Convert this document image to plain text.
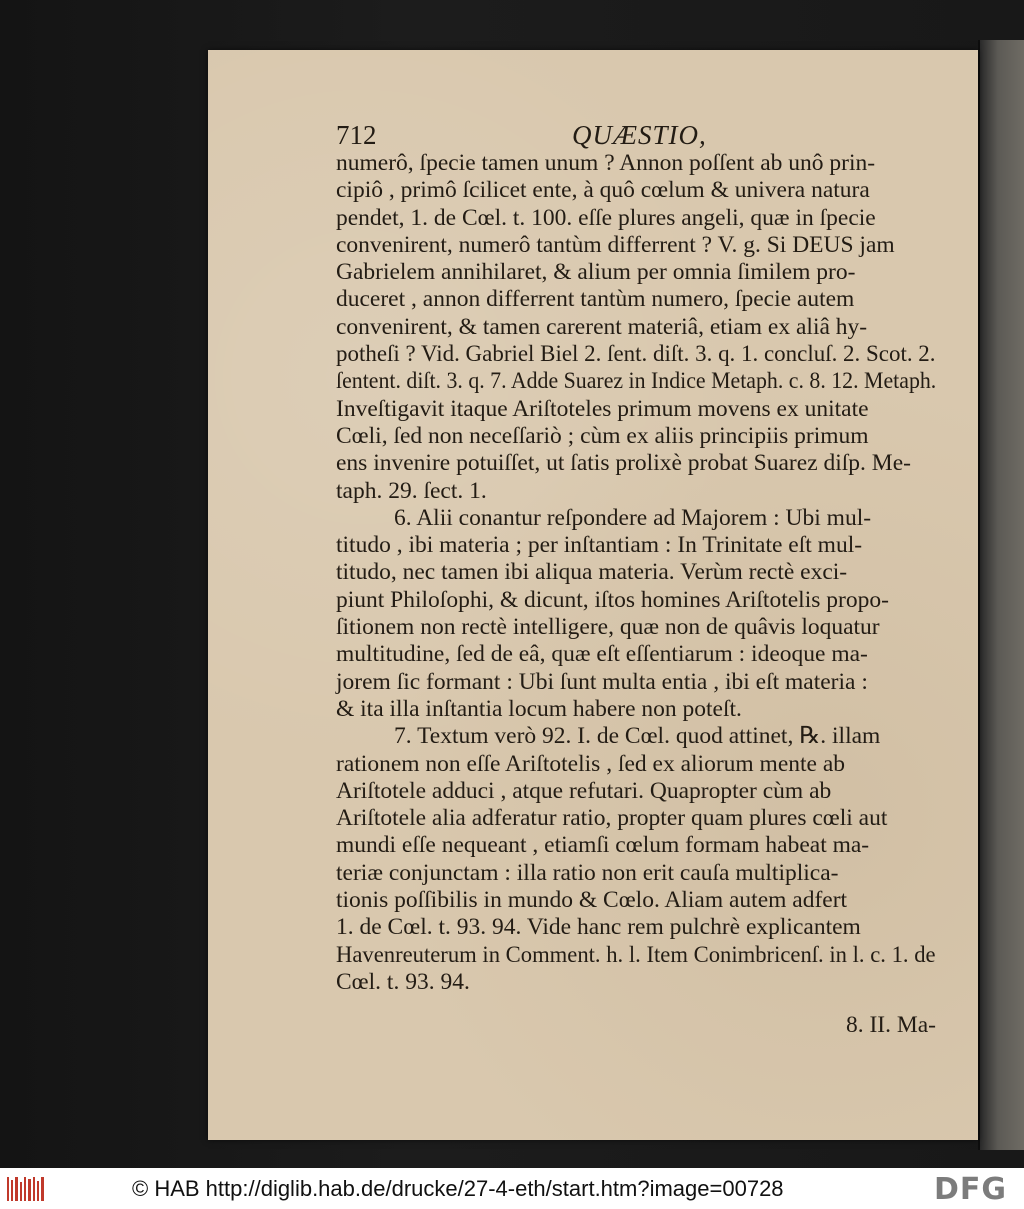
712	QUÆSTIO,
numerô, ſpecie tamen unum ? Annon poſſent ab unô prin-
cipiô , primô ſcilicet ente, à quô cœlum & univera natura
pendet, 1. de Cœl. t. 100. eſſe plures angeli, quæ in ſpecie
convenirent, numerô tantùm differrent ? V. g. Si DEUS jam
Gabrielem annihilaret, & alium per omnia ſimilem pro-
duceret , annon differrent tantùm numero, ſpecie autem
convenirent, & tamen carerent materiâ, etiam ex aliâ hy-
potheſi ? Vid. Gabriel Biel 2. ſent. diſt. 3. q. 1. concluſ. 2. Scot. 2.
ſentent. diſt. 3. q. 7. Adde Suarez in Indice Metaph. c. 8. 12. Metaph.
Inveſtigavit itaque Ariſtoteles primum movens ex unitate
Cœli, ſed non neceſſariò ; cùm ex aliis principiis primum
ens invenire potuiſſet, ut ſatis prolixè probat Suarez diſp. Me-
taph. 29. ſect. 1.
6. Alii conantur reſpondere ad Majorem : Ubi mul-
titudo , ibi materia ; per inſtantiam : In Trinitate eſt mul-
titudo, nec tamen ibi aliqua materia. Verùm rectè exci-
piunt Philoſophi, & dicunt, iſtos homines Ariſtotelis propo-
ſitionem non rectè intelligere, quæ non de quâvis loquatur
multitudine, ſed de eâ, quæ eſt eſſentiarum : ideoque ma-
jorem ſic formant : Ubi ſunt multa entia , ibi eſt materia :
& ita illa inſtantia locum habere non poteſt.
7. Textum verò 92. I. de Cœl. quod attinet, ℞. illam
rationem non eſſe Ariſtotelis , ſed ex aliorum mente ab
Ariſtotele adduci , atque refutari. Quapropter cùm ab
Ariſtotele alia adferatur ratio, propter quam plures cœli aut
mundi eſſe nequeant , etiamſi cœlum formam habeat ma-
teriæ conjunctam : illa ratio non erit cauſa multiplica-
tionis poſſibilis in mundo & Cœlo. Aliam autem adfert
1. de Cœl. t. 93. 94. Vide hanc rem pulchrè explicantem
Havenreuterum in Comment. h. l. Item Conimbricenſ. in l. c. 1. de
Cœl. t. 93. 94.
8. II. Ma-
© HAB http://diglib.hab.de/drucke/27-4-eth/start.htm?image=00728	DFG
